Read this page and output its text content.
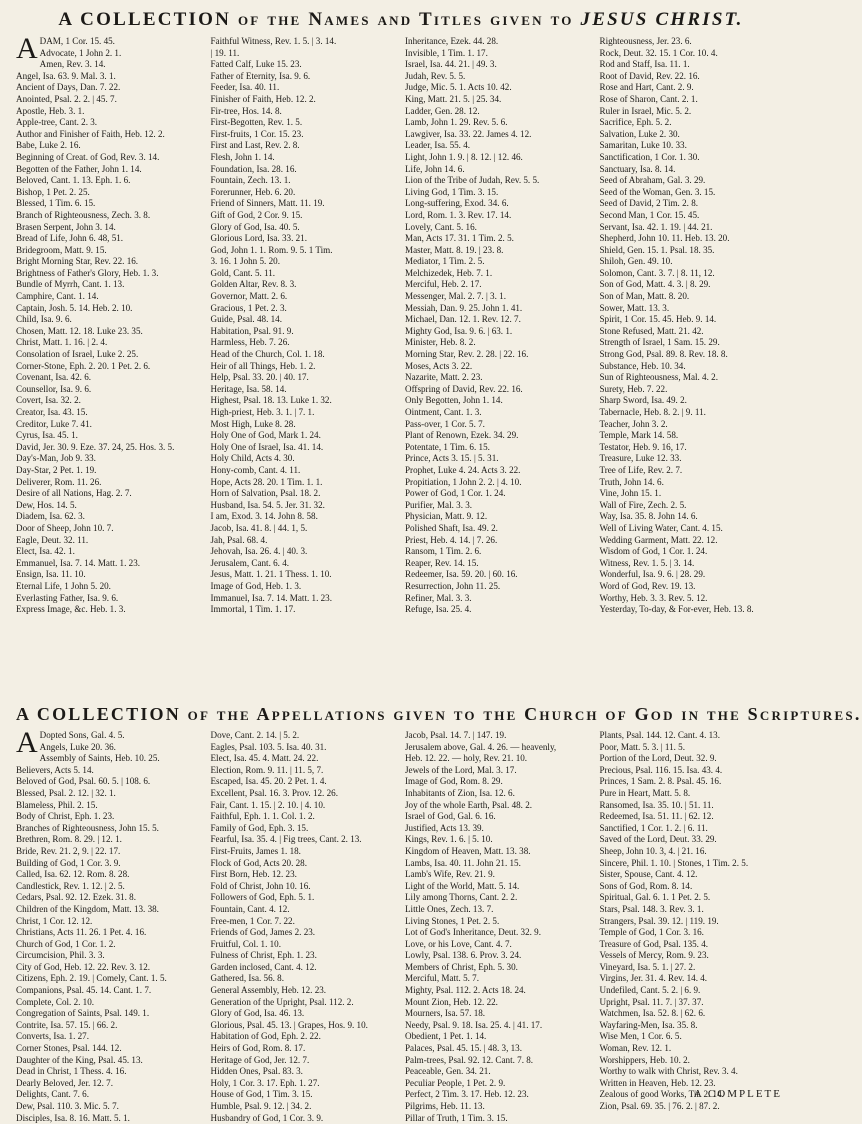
A COLLECTION of the Names and Titles given to JESUS CHRIST.
A DAM, 1 Cor. 15. 45.
Advocate, 1 John 2. 1.
Amen, Rev. 3. 14.
Angel, Isa. 63. 9. Mal. 3. 1.
Ancient of Days, Dan. 7. 22.
Anointed, Psal. 2. 2. | 45. 7.
Apostle, Heb. 3. 1.
Apple-tree, Cant. 2. 3.
Author and Finisher of Faith, Heb. 12. 2.
Babe, Luke 2. 16.
Beginning of Creat. of God, Rev. 3. 14.
Begotten of the Father, John 1. 14.
Beloved, Cant. 1. 13. Eph. 1. 6.
Bishop, 1 Pet. 2. 25.
Blessed, 1 Tim. 6. 15.
Branch of Righteousness, Zech. 3. 8.
Brasen Serpent, John 3. 14.
Bread of Life, John 6. 48, 51.
Bridegroom, Matt. 9. 15.
Bright Morning Star, Rev. 22. 16.
Brightness of Father's Glory, Heb. 1. 3.
Bundle of Myrrh, Cant. 1. 13.
Camphire, Cant. 1. 14.
Captain, Josh. 5. 14. Heb. 2. 10.
Child, Isa. 9. 6.
Chosen, Matt. 12. 18. Luke 23. 35.
Christ, Matt. 1. 16. | 2. 4.
Consolation of Israel, Luke 2. 25.
Corner-Stone, Eph. 2. 20. 1 Pet. 2. 6.
Covenant, Isa. 42. 6.
Counsellor, Isa. 9. 6.
Covert, Isa. 32. 2.
Creator, Isa. 43. 15.
Creditor, Luke 7. 41.
Cyrus, Isa. 45. 1.
David, Jer. 30. 9. Eze. 37. 24, 25. Hos. 3. 5.
Day's-Man, Job 9. 33.
Day-Star, 2 Pet. 1. 19.
Deliverer, Rom. 11. 26.
Desire of all Nations, Hag. 2. 7.
Dew, Hos. 14. 5.
Diadem, Isa. 62. 3.
Door of Sheep, John 10. 7.
Eagle, Deut. 32. 11.
Elect, Isa. 42. 1.
Emmanuel, Isa. 7. 14. Matt. 1. 23.
Ensign, Isa. 11. 10.
Eternal Life, 1 John 5. 20.
Everlasting Father, Isa. 9. 6.
Express Image, &c. Heb. 1. 3.
Faithful Witness, Rev. 1. 5. | 3. 14.
| 19. 11.
Fatted Calf, Luke 15. 23.
Father of Eternity, Isa. 9. 6.
Feeder, Isa. 40. 11.
Finisher of Faith, Heb. 12. 2.
Fir-tree, Hos. 14. 8.
First-Begotten, Rev. 1. 5.
First-fruits, 1 Cor. 15. 23.
First and Last, Rev. 2. 8.
Flesh, John 1. 14.
Foundation, Isa. 28. 16.
Fountain, Zech. 13. 1.
Forerunner, Heb. 6. 20.
Friend of Sinners, Matt. 11. 19.
Gift of God, 2 Cor. 9. 15.
Glory of God, Isa. 40. 5.
Glorious Lord, Isa. 33. 21.
God, John 1. 1. Rom. 9. 5. 1 Tim.
3. 16. 1 John 5. 20.
Gold, Cant. 5. 11.
Golden Altar, Rev. 8. 3.
Governor, Matt. 2. 6.
Gracious, 1 Pet. 2. 3.
Guide, Psal. 48. 14.
Habitation, Psal. 91. 9.
Harmless, Heb. 7. 26.
Head of the Church, Col. 1. 18.
Heir of all Things, Heb. 1. 2.
Help, Psal. 33. 20. | 40. 17.
Heritage, Isa. 58. 14.
Highest, Psal. 18. 13. Luke 1. 32.
High-priest, Heb. 3. 1. | 7. 1.
Most High, Luke 8. 28.
Holy One of God, Mark 1. 24.
Holy One of Israel, Isa. 41. 14.
Holy Child, Acts 4. 30.
Hony-comb, Cant. 4. 11.
Hope, Acts 28. 20. 1 Tim. 1. 1.
Horn of Salvation, Psal. 18. 2.
Husband, Isa. 54. 5. Jer. 31. 32.
I am, Exod. 3. 14. John 8. 58.
Jacob, Isa. 41. 8. | 44. 1, 5.
Jah, Psal. 68. 4.
Jehovah, Isa. 26. 4. | 40. 3.
Jerusalem, Cant. 6. 4.
Jesus, Matt. 1. 21. 1 Thess. 1. 10.
Image of God, Heb. 1. 3.
Immanuel, Isa. 7. 14. Matt. 1. 23.
Immortal, 1 Tim. 1. 17.
Inheritance, Ezek. 44. 28.
Invisible, 1 Tim. 1. 17.
Israel, Isa. 44. 21. | 49. 3.
Judah, Rev. 5. 5.
Judge, Mic. 5. 1. Acts 10. 42.
King, Matt. 21. 5. | 25. 34.
Ladder, Gen. 28. 12.
Lamb, John 1. 29. Rev. 5. 6.
Lawgiver, Isa. 33. 22. James 4. 12.
Leader, Isa. 55. 4.
Light, John 1. 9. | 8. 12. | 12. 46.
Life, John 14. 6.
Lion of the Tribe of Judah, Rev. 5. 5.
Living God, 1 Tim. 3. 15.
Long-suffering, Exod. 34. 6.
Lord, Rom. 1. 3. Rev. 17. 14.
Lovely, Cant. 5. 16.
Man, Acts 17. 31. 1 Tim. 2. 5.
Master, Matt. 8. 19. | 23. 8.
Mediator, 1 Tim. 2. 5.
Melchizedek, Heb. 7. 1.
Merciful, Heb. 2. 17.
Messenger, Mal. 2. 7. | 3. 1.
Messiah, Dan. 9. 25. John 1. 41.
Michael, Dan. 12. 1. Rev. 12. 7.
Mighty God, Isa. 9. 6. | 63. 1.
Minister, Heb. 8. 2.
Morning Star, Rev. 2. 28. | 22. 16.
Moses, Acts 3. 22.
Nazarite, Matt. 2. 23.
Offspring of David, Rev. 22. 16.
Only Begotten, John 1. 14.
Ointment, Cant. 1. 3.
Pass-over, 1 Cor. 5. 7.
Plant of Renown, Ezek. 34. 29.
Potentate, 1 Tim. 6. 15.
Prince, Acts 3. 15. | 5. 31.
Prophet, Luke 4. 24. Acts 3. 22.
Propitiation, 1 John 2. 2. | 4. 10.
Power of God, 1 Cor. 1. 24.
Purifier, Mal. 3. 3.
Physician, Matt. 9. 12.
Polished Shaft, Isa. 49. 2.
Priest, Heb. 4. 14. | 7. 26.
Ransom, 1 Tim. 2. 6.
Reaper, Rev. 14. 15.
Redeemer, Isa. 59. 20. | 60. 16.
Resurrection, John 11. 25.
Refiner, Mal. 3. 3.
Refuge, Isa. 25. 4.
Righteousness, Jer. 23. 6.
Rock, Deut. 32. 15. 1 Cor. 10. 4.
Rod and Staff, Isa. 11. 1.
Root of David, Rev. 22. 16.
Rose and Hart, Cant. 2. 9.
Rose of Sharon, Cant. 2. 1.
Ruler in Israel, Mic. 5. 2.
Sacrifice, Eph. 5. 2.
Salvation, Luke 2. 30.
Samaritan, Luke 10. 33.
Sanctification, 1 Cor. 1. 30.
Sanctuary, Isa. 8. 14.
Seed of Abraham, Gal. 3. 29.
Seed of the Woman, Gen. 3. 15.
Seed of David, 2 Tim. 2. 8.
Second Man, 1 Cor. 15. 45.
Servant, Isa. 42. 1. 19. | 44. 21.
Shepherd, John 10. 11. Heb. 13. 20.
Shield, Gen. 15. 1. Psal. 18. 35.
Shiloh, Gen. 49. 10.
Solomon, Cant. 3. 7. | 8. 11, 12.
Son of God, Matt. 4. 3. | 8. 29.
Son of Man, Matt. 8. 20.
Sower, Matt. 13. 3.
Spirit, 1 Cor. 15. 45. Heb. 9. 14.
Stone Refused, Matt. 21. 42.
Strength of Israel, 1 Sam. 15. 29.
Strong God, Psal. 89. 8. Rev. 18. 8.
Substance, Heb. 10. 34.
Sun of Righteousness, Mal. 4. 2.
Surety, Heb. 7. 22.
Sharp Sword, Isa. 49. 2.
Tabernacle, Heb. 8. 2. | 9. 11.
Teacher, John 3. 2.
Temple, Mark 14. 58.
Testator, Heb. 9. 16, 17.
Treasure, Luke 12. 33.
Tree of Life, Rev. 2. 7.
Truth, John 14. 6.
Vine, John 15. 1.
Wall of Fire, Zech. 2. 5.
Way, Isa. 35. 8. John 14. 6.
Well of Living Water, Cant. 4. 15.
Wedding Garment, Matt. 22. 12.
Wisdom of God, 1 Cor. 1. 24.
Witness, Rev. 1. 5. | 3. 14.
Wonderful, Isa. 9. 6. | 28. 29.
Word of God, Rev. 19. 13.
Worthy, Heb. 3. 3. Rev. 5. 12.
Yesterday, To-day, & For-ever, Heb. 13. 8.
A COLLECTION of the Appellations given to the Church of God in the Scriptures.
A Dopted Sons, Gal. 4. 5.
Angels, Luke 20. 36.
Assembly of Saints, Heb. 10. 25.
Believers, Acts 5. 14.
Beloved of God, Psal. 60. 5. | 108. 6.
Blessed, Psal. 2. 12. | 32. 1.
Blameless, Phil. 2. 15.
Body of Christ, Eph. 1. 23.
Branches of Righteousness, John 15. 5.
Brethren, Rom. 8. 29. | 12. 1.
Bride, Rev. 21. 2, 9. | 22. 17.
Building of God, 1 Cor. 3. 9.
Called, Isa. 62. 12. Rom. 8. 28.
Candlestick, Rev. 1. 12. | 2. 5.
Cedars, Psal. 92. 12. Ezek. 31. 8.
Children of the Kingdom, Matt. 13. 38.
Christ, 1 Cor. 12. 12.
Christians, Acts 11. 26. 1 Pet. 4. 16.
Church of God, 1 Cor. 1. 2.
Circumcision, Phil. 3. 3.
City of God, Heb. 12. 22. Rev. 3. 12.
Citizens, Eph. 2. 19. | Comely, Cant. 1. 5.
Companions, Psal. 45. 14. Cant. 1. 7.
Complete, Col. 2. 10.
Congregation of Saints, Psal. 149. 1.
Contrite, Isa. 57. 15. | 66. 2.
Converts, Isa. 1. 27.
Corner Stones, Psal. 144. 12.
Daughter of the King, Psal. 45. 13.
Dead in Christ, 1 Thess. 4. 16.
Dearly Beloved, Jer. 12. 7.
Delights, Cant. 7. 6.
Dew, Psal. 110. 3. Mic. 5. 7.
Disciples, Isa. 8. 16. Matt. 5. 1.
Dove, Cant. 2. 14. | 5. 2.
Eagles, Psal. 103. 5. Isa. 40. 31.
Elect, Isa. 45. 4. Matt. 24. 22.
Election, Rom. 9. 11. | 11. 5, 7.
Escaped, Isa. 45. 20. 2 Pet. 1. 4.
Excellent, Psal. 16. 3. Prov. 12. 26.
Fair, Cant. 1. 15. | 2. 10. | 4. 10.
Faithful, Eph. 1. 1. Col. 1. 2.
Family of God, Eph. 3. 15.
Fearful, Isa. 35. 4. | Fig trees, Cant. 2. 13.
First-Fruits, James 1. 18.
Flock of God, Acts 20. 28.
First Born, Heb. 12. 23.
Fold of Christ, John 10. 16.
Followers of God, Eph. 5. 1.
Fountain, Cant. 4. 12.
Free-men, 1 Cor. 7. 22.
Friends of God, James 2. 23.
Fruitful, Col. 1. 10.
Fulness of Christ, Eph. 1. 23.
Garden inclosed, Cant. 4. 12.
Gathered, Isa. 56. 8.
General Assembly, Heb. 12. 23.
Generation of the Upright, Psal. 112. 2.
Glory of God, Isa. 46. 13.
Glorious, Psal. 45. 13. | Grapes, Hos. 9. 10.
Habitation of God, Eph. 2. 22.
Heirs of God, Rom. 8. 17.
Heritage of God, Jer. 12. 7.
Hidden Ones, Psal. 83. 3.
Holy, 1 Cor. 3. 17. Eph. 1. 27.
House of God, 1 Tim. 3. 15.
Humble, Psal. 9. 12. | 34. 2.
Husbandry of God, 1 Cor. 3. 9.
Jacob, Psal. 14. 7. | 147. 19.
Jerusalem above, Gal. 4. 26. — heavenly,
Heb. 12. 22. — holy, Rev. 21. 10.
Jewels of the Lord, Mal. 3. 17.
Image of God, Rom. 8. 29.
Inhabitants of Zion, Isa. 12. 6.
Joy of the whole Earth, Psal. 48. 2.
Israel of God, Gal. 6. 16.
Justified, Acts 13. 39.
Kings, Rev. 1. 6. | 5. 10.
Kingdom of Heaven, Matt. 13. 38.
Lambs, Isa. 40. 11. John 21. 15.
Lamb's Wife, Rev. 21. 9.
Light of the World, Matt. 5. 14.
Lily among Thorns, Cant. 2. 2.
Little Ones, Zech. 13. 7.
Living Stones, 1 Pet. 2. 5.
Lot of God's Inheritance, Deut. 32. 9.
Love, or his Love, Cant. 4. 7.
Lowly, Psal. 138. 6. Prov. 3. 24.
Members of Christ, Eph. 5. 30.
Merciful, Matt. 5. 7.
Mighty, Psal. 112. 2. Acts 18. 24.
Mount Zion, Heb. 12. 22.
Mourners, Isa. 57. 18.
Needy, Psal. 9. 18. Isa. 25. 4. | 41. 17.
Obedient, 1 Pet. 1. 14.
Palaces, Psal. 45. 15. | 48. 3, 13.
Palm-trees, Psal. 92. 12. Cant. 7. 8.
Peaceable, Gen. 34. 21.
Peculiar People, 1 Pet. 2. 9.
Perfect, 2 Tim. 3. 17. Heb. 12. 23.
Pilgrims, Heb. 11. 13.
Pillar of Truth, 1 Tim. 3. 15.
Plants, Psal. 144. 12. Cant. 4. 13.
Poor, Matt. 5. 3. | 11. 5.
Portion of the Lord, Deut. 32. 9.
Precious, Psal. 116. 15. Isa. 43. 4.
Princes, 1 Sam. 2. 8. Psal. 45. 16.
Pure in Heart, Matt. 5. 8.
Ransomed, Isa. 35. 10. | 51. 11.
Redeemed, Isa. 51. 11. | 62. 12.
Sanctified, 1 Cor. 1. 2. | 6. 11.
Saved of the Lord, Deut. 33. 29.
Sheep, John 10. 3, 4. | 21. 16.
Sincere, Phil. 1. 10. | Stones, 1 Tim. 2. 5.
Sister, Spouse, Cant. 4. 12.
Sons of God, Rom. 8. 14.
Spiritual, Gal. 6. 1. 1 Pet. 2. 5.
Stars, Psal. 148. 3. Rev. 3. 1.
Strangers, Psal. 39. 12. | 119. 19.
Temple of God, 1 Cor. 3. 16.
Treasure of God, Psal. 135. 4.
Vessels of Mercy, Rom. 9. 23.
Vineyard, Isa. 5. 1. | 27. 2.
Virgins, Jer. 31. 4. Rev. 14. 4.
Undefiled, Cant. 5. 2. | 6. 9.
Upright, Psal. 11. 7. | 37. 37.
Watchmen, Isa. 52. 8. | 62. 6.
Wayfaring-Men, Isa. 35. 8.
Wise Men, 1 Cor. 6. 5.
Woman, Rev. 12. 1.
Worshippers, Heb. 10. 2.
Worthy to walk with Christ, Rev. 3. 4.
Written in Heaven, Heb. 12. 23.
Zealous of good Works, Tit. 2. 14.
Zion, Psal. 69. 35. | 76. 2. | 87. 2.
A COMPLETE
